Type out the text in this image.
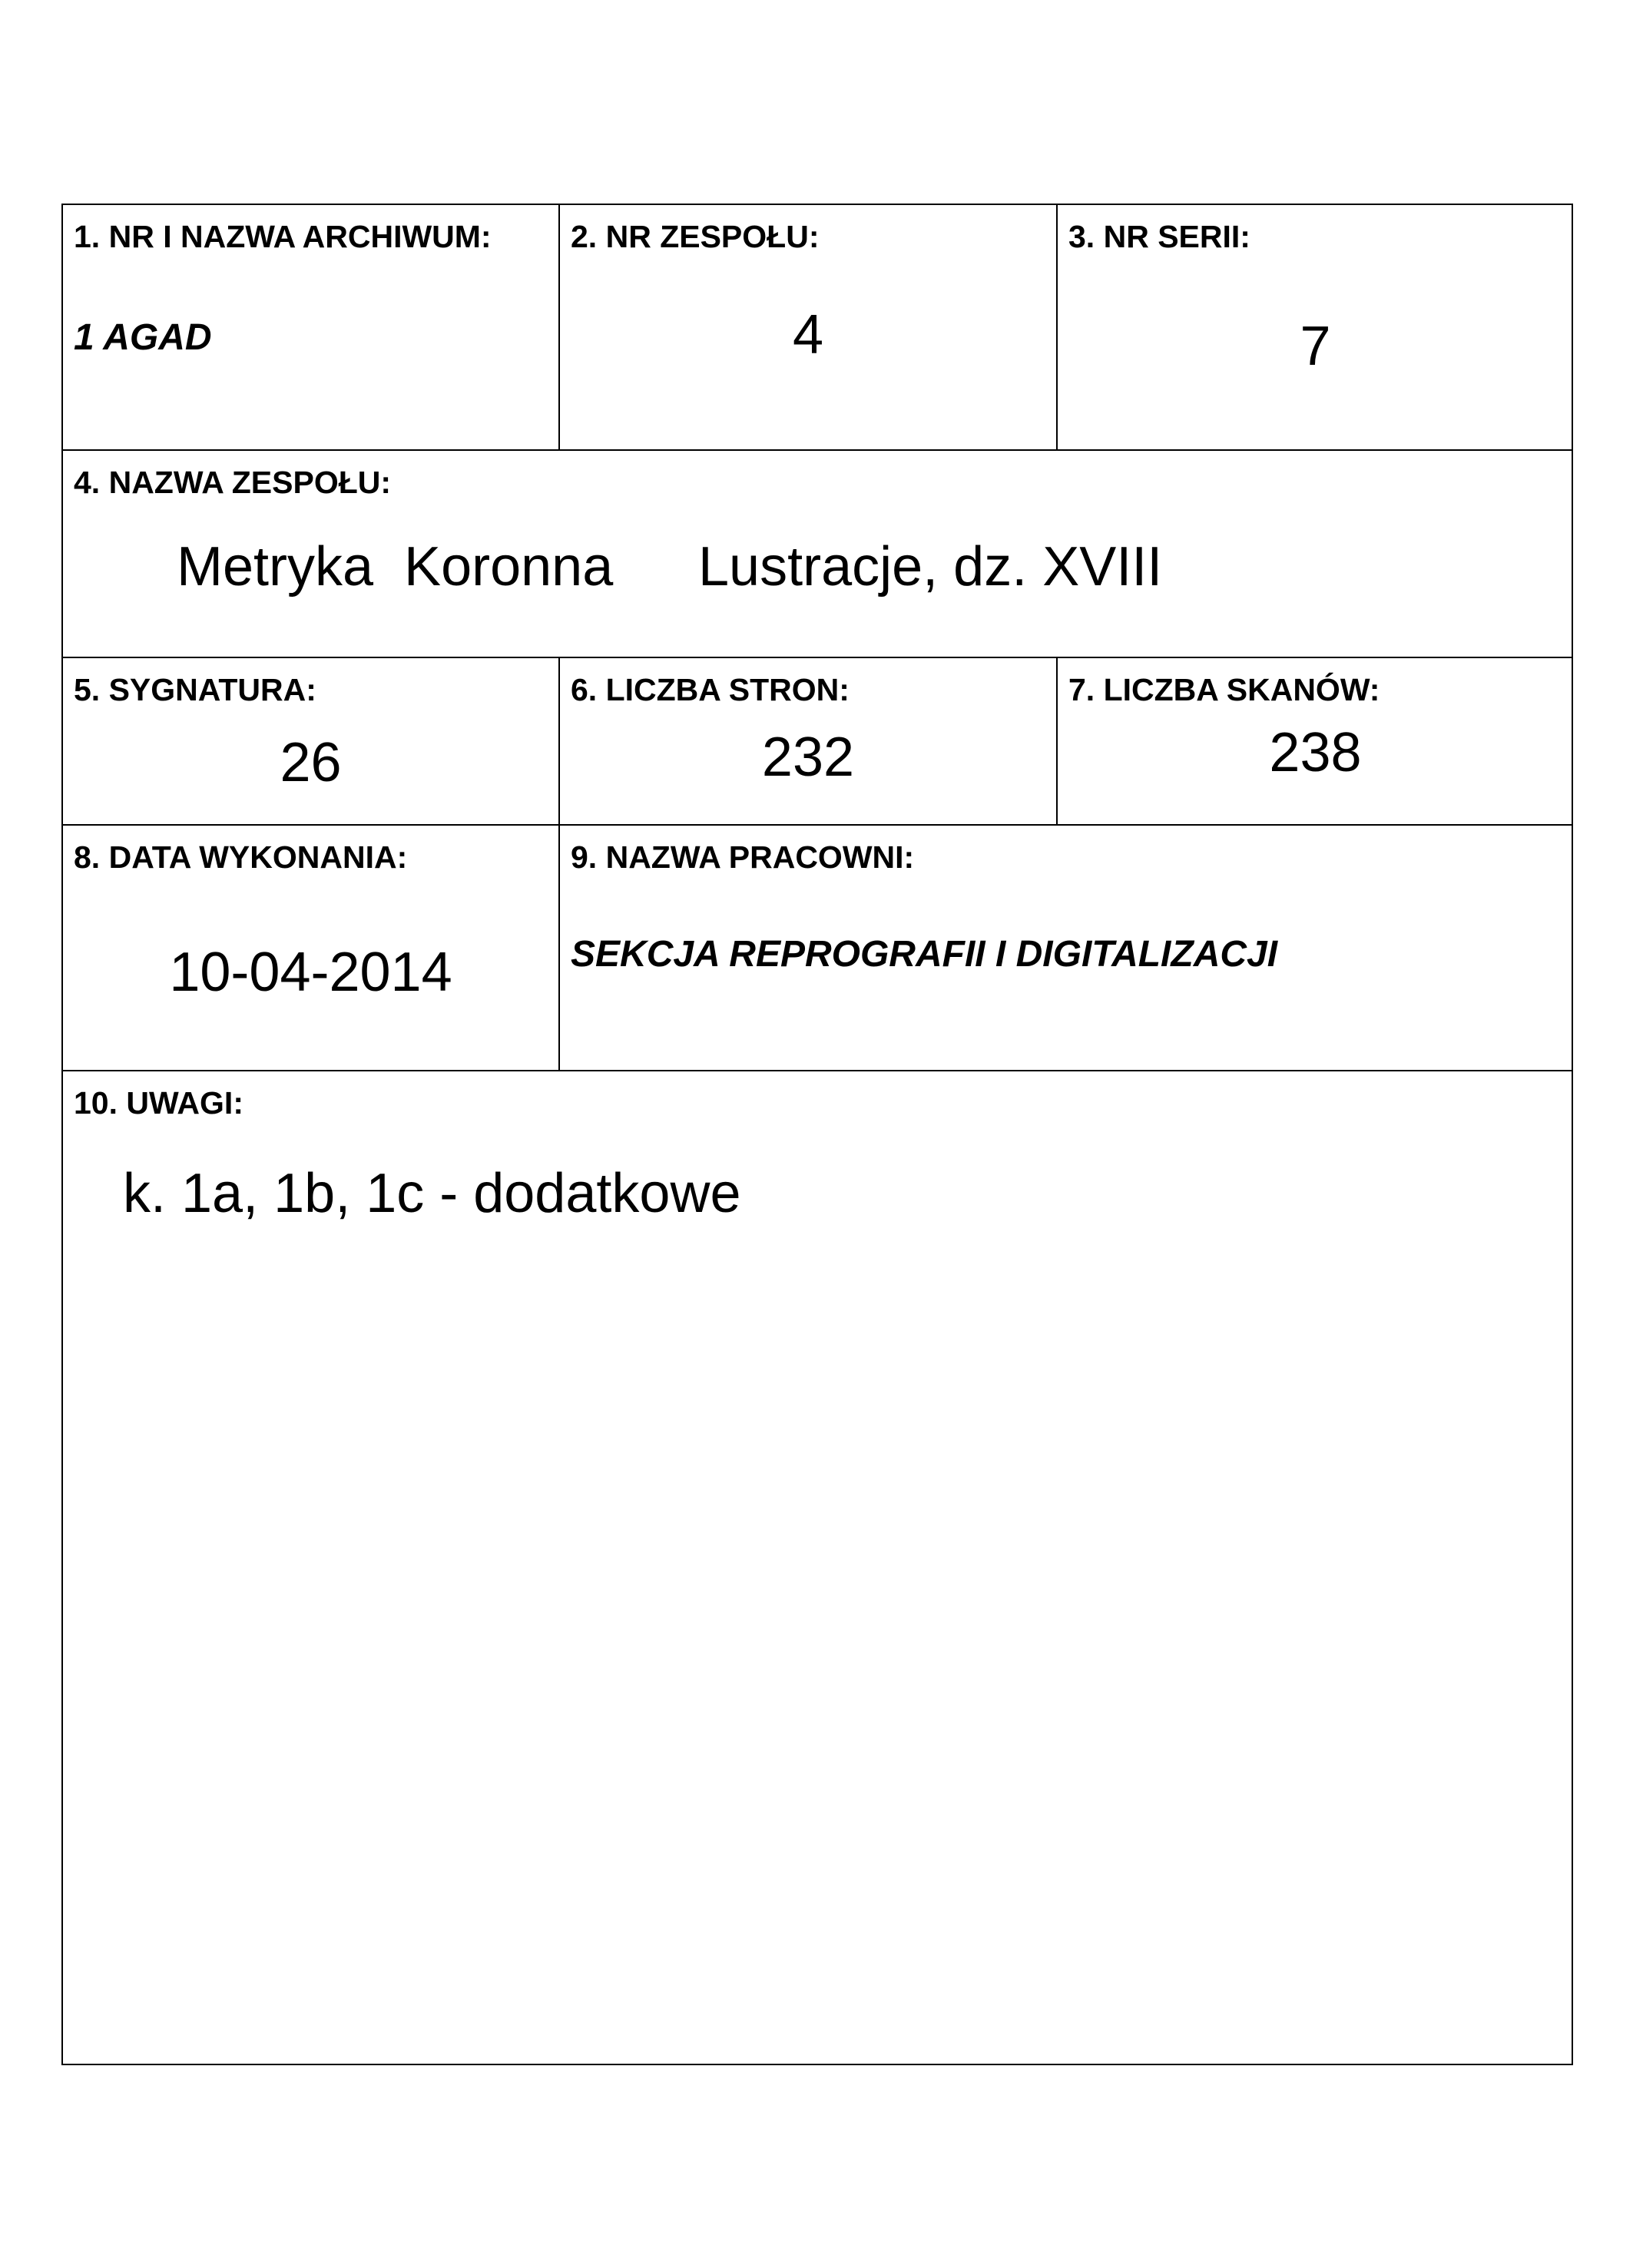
1. NR I NAZWA ARCHIWUM:
1 AGAD
2. NR ZESPOŁU:
4
3. NR SERII:
7
4. NAZWA ZESPOŁU:
Metryka  Koronna Lustracje, dz. XVIII
5. SYGNATURA:
26
6. LICZBA STRON:
232
7. LICZBA SKANÓW:
238
8. DATA WYKONANIA:
10-04-2014
9. NAZWA PRACOWNI:
SEKCJA REPROGRAFII I DIGITALIZACJI
10. UWAGI:
k. 1a, 1b, 1c - dodatkowe
